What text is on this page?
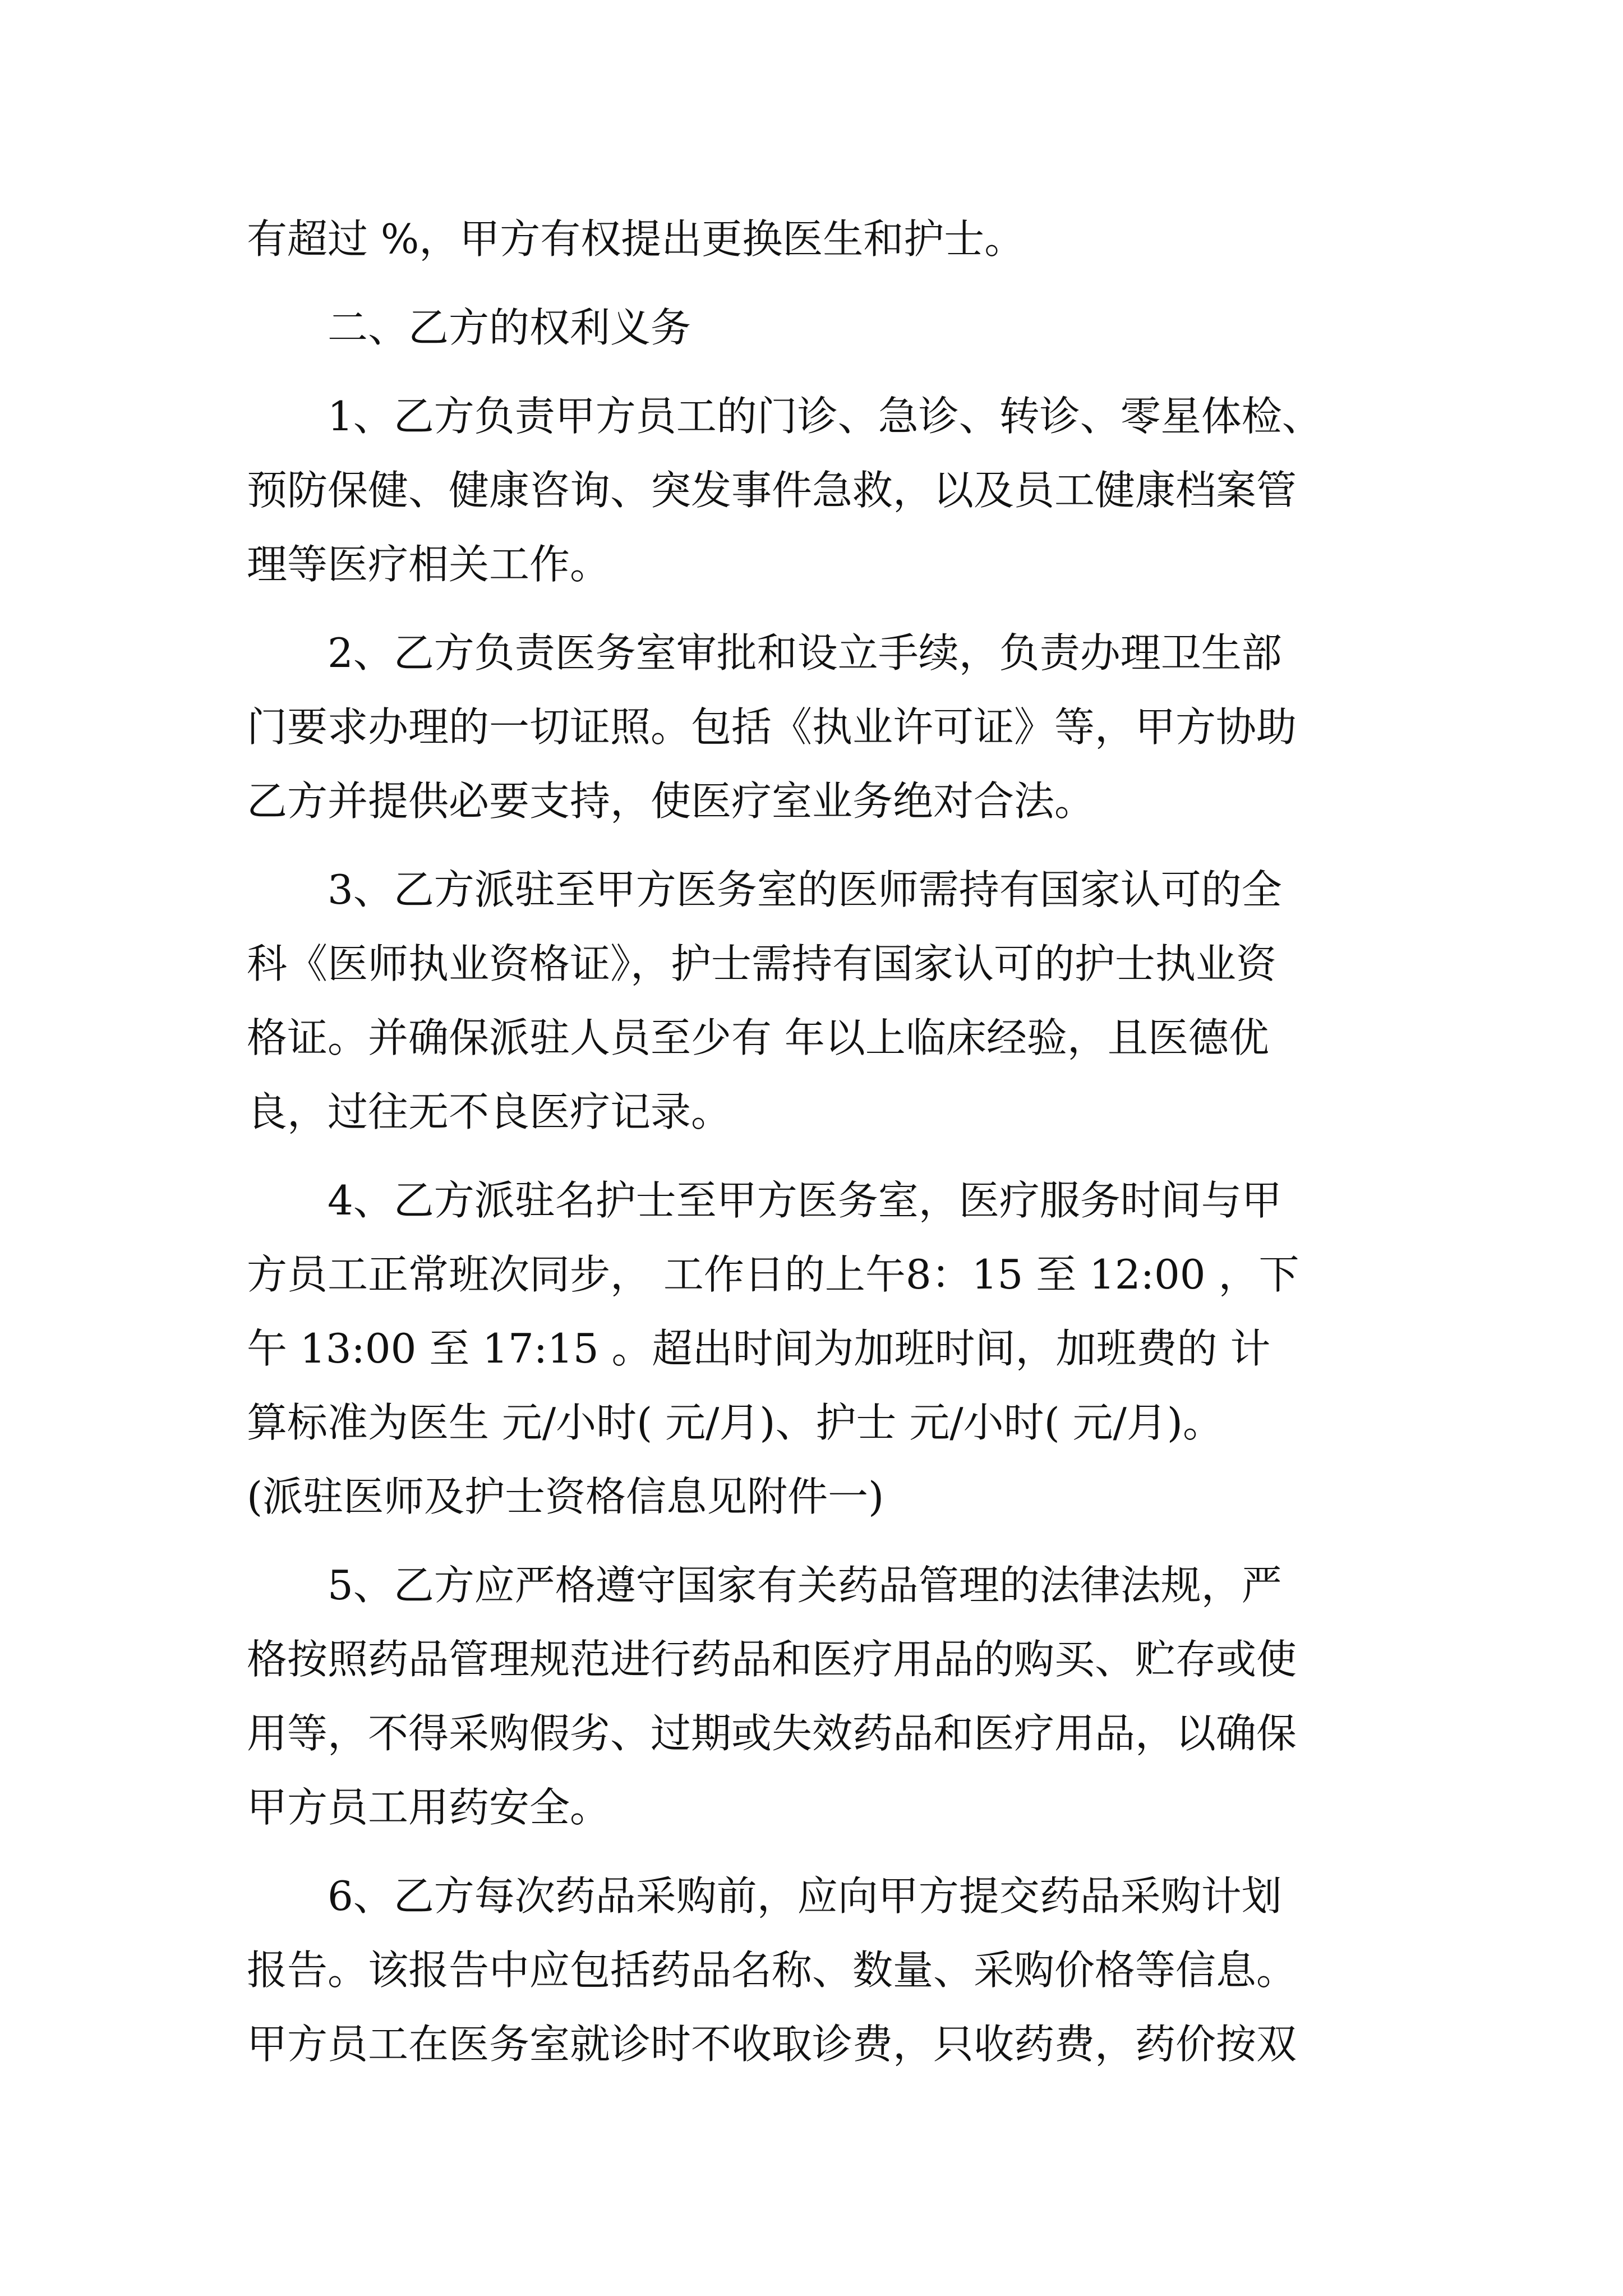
有超过 %，甲方有权提出更换医生和护士。
　　二、乙方的权利义务
　　1、乙方负责甲方员工的门诊、急诊、转诊、零星体检、
预防保健、健康咨询、突发事件急救，以及员工健康档案管
理等医疗相关工作。
　　2、乙方负责医务室审批和设立手续，负责办理卫生部
门要求办理的一切证照。包括《执业许可证》等，甲方协助
乙方并提供必要支持，使医疗室业务绝对合法。
　　3、乙方派驻至甲方医务室的医师需持有国家认可的全
科《医师执业资格证》，护士需持有国家认可的护士执业资
格证。并确保派驻人员至少有 年以上临床经验，且医德优
良，过往无不良医疗记录。
　　4、乙方派驻名护士至甲方医务室，医疗服务时间与甲
方员工正常班次同步， 工作日的上午8：15 至 12:00 ，下
午 13:00 至 17:15 。超出时间为加班时间，加班费的 计
算标准为医生 元/小时( 元/月)、护士 元/小时( 元/月)。
(派驻医师及护士资格信息见附件一)
　　5、乙方应严格遵守国家有关药品管理的法律法规，严
格按照药品管理规范进行药品和医疗用品的购买、贮存或使
用等，不得采购假劣、过期或失效药品和医疗用品，以确保
甲方员工用药安全。
　　6、乙方每次药品采购前，应向甲方提交药品采购计划
报告。该报告中应包括药品名称、数量、采购价格等信息。
甲方员工在医务室就诊时不收取诊费，只收药费，药价按双
